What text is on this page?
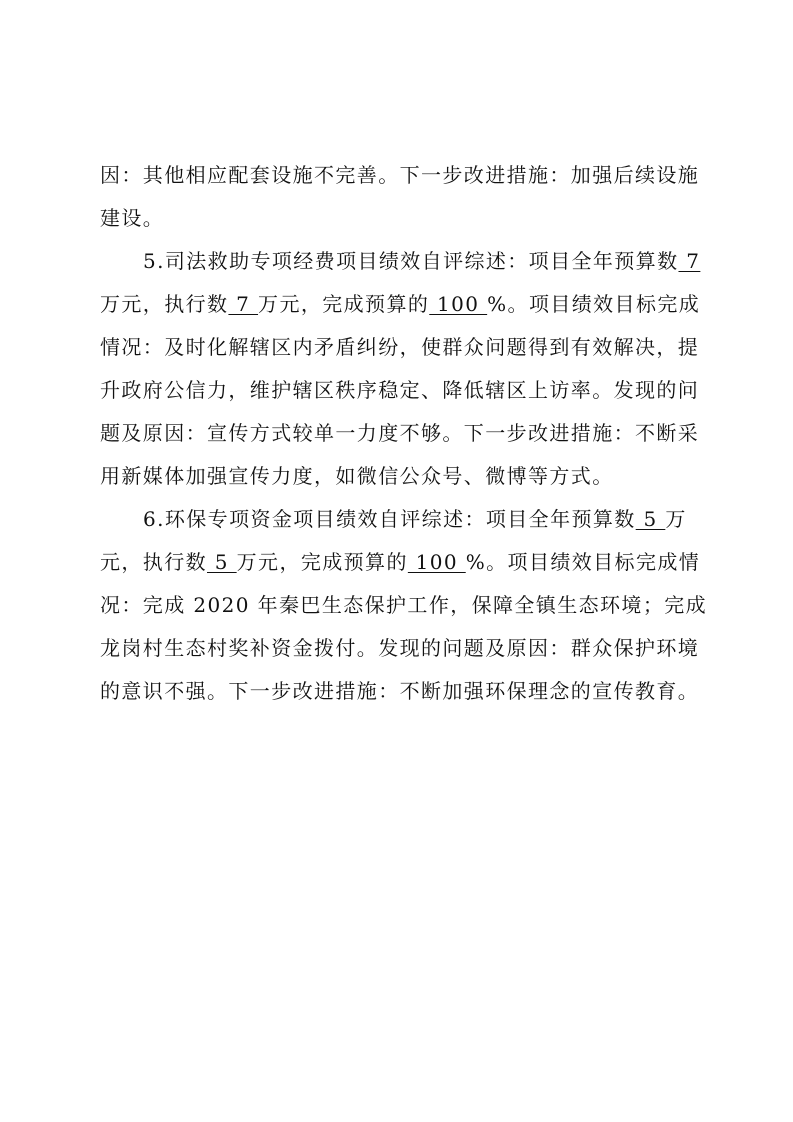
因：其他相应配套设施不完善。下一步改进措施：加强后续设施

建设。

5.司法救助专项经费项目绩效自评综述：项目全年预算数 7

万元，执行数 7 万元，完成预算的 100 %。项目绩效目标完成

情况：及时化解辖区内矛盾纠纷，使群众问题得到有效解决，提

升政府公信力，维护辖区秩序稳定、降低辖区上访率。发现的问

题及原因：宣传方式较单一力度不够。下一步改进措施：不断采

用新媒体加强宣传力度，如微信公众号、微博等方式。

6.环保专项资金项目绩效自评综述：项目全年预算数 5 万

元，执行数 5 万元，完成预算的 100 %。项目绩效目标完成情

况：完成 2020 年秦巴生态保护工作，保障全镇生态环境；完成

龙岗村生态村奖补资金拨付。发现的问题及原因：群众保护环境

的意识不强。下一步改进措施：不断加强环保理念的宣传教育。
